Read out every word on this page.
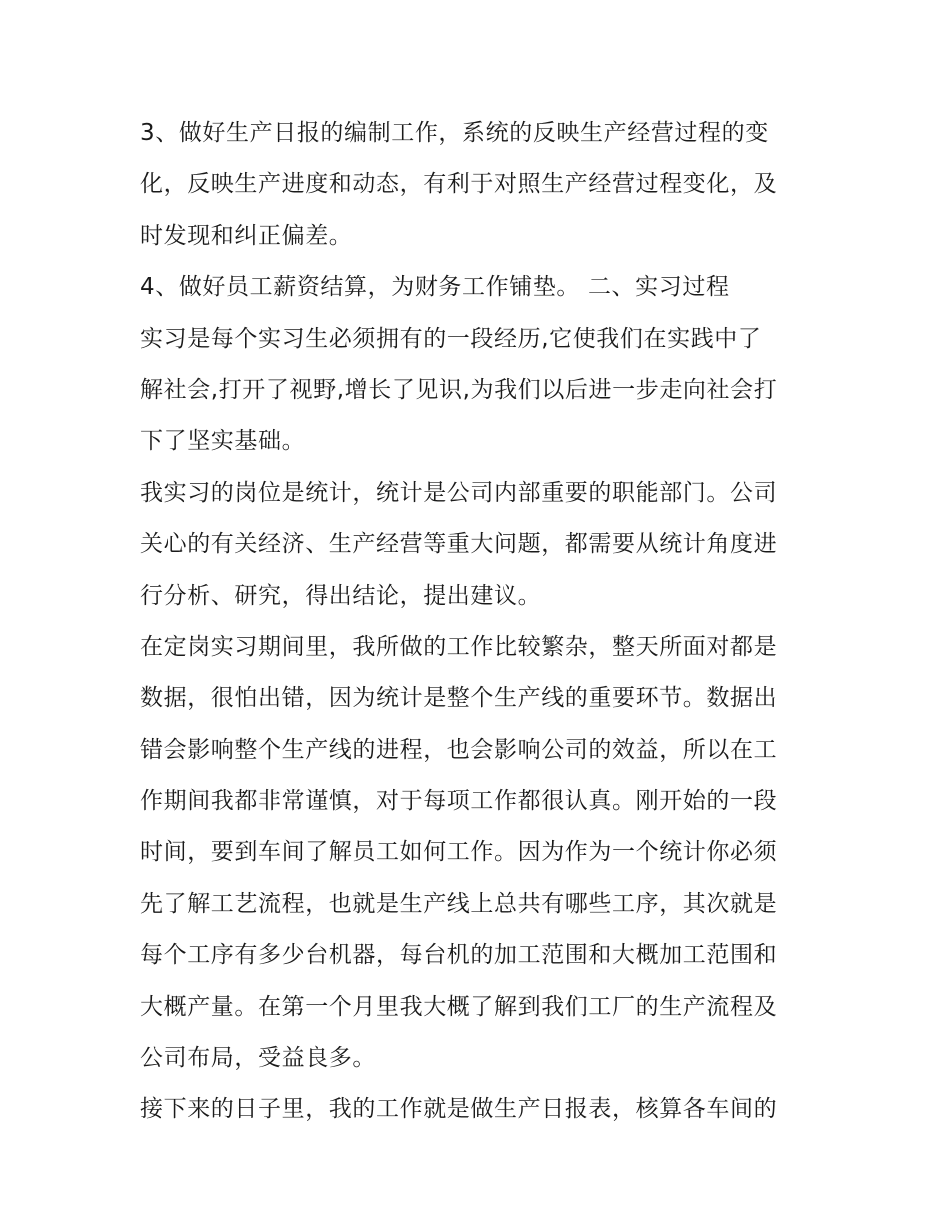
3、做好生产日报的编制工作，系统的反映生产经营过程的变
化，反映生产进度和动态，有利于对照生产经营过程变化，及
时发现和纠正偏差。
4、做好员工薪资结算，为财务工作铺垫。 二、实习过程
实习是每个实习生必须拥有的一段经历,它使我们在实践中了
解社会,打开了视野,增长了见识,为我们以后进一步走向社会打
下了坚实基础。
我实习的岗位是统计，统计是公司内部重要的职能部门。公司
关心的有关经济、生产经营等重大问题，都需要从统计角度进
行分析、研究，得出结论，提出建议。
在定岗实习期间里，我所做的工作比较繁杂，整天所面对都是
数据，很怕出错，因为统计是整个生产线的重要环节。数据出
错会影响整个生产线的进程，也会影响公司的效益，所以在工
作期间我都非常谨慎，对于每项工作都很认真。刚开始的一段
时间，要到车间了解员工如何工作。因为作为一个统计你必须
先了解工艺流程，也就是生产线上总共有哪些工序，其次就是
每个工序有多少台机器，每台机的加工范围和大概加工范围和
大概产量。在第一个月里我大概了解到我们工厂的生产流程及
公司布局，受益良多。
接下来的日子里，我的工作就是做生产日报表，核算各车间的
